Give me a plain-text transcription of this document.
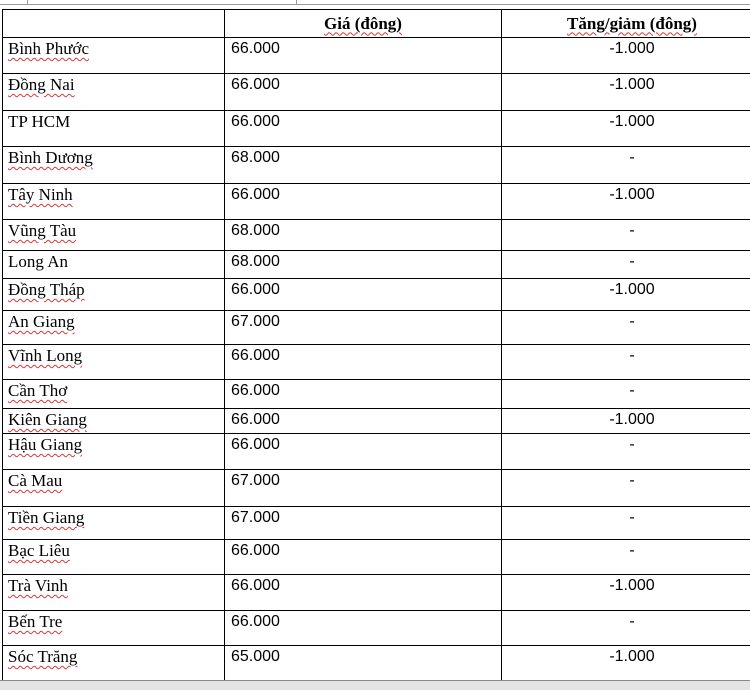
	Giá (đông)	Tăng/giảm (đông)
Bình Phước	66.000	-1.000
Đồng Nai	66.000	-1.000
TP HCM	66.000	-1.000
Bình Dương	68.000	-
Tây Ninh	66.000	-1.000
Vũng Tàu	68.000	-
Long An	68.000	-
Đồng Tháp	66.000	-1.000
An Giang	67.000	-
Vĩnh Long	66.000	-
Cần Thơ	66.000	-
Kiên Giang	66.000	-1.000
Hậu Giang	66.000	-
Cà Mau	67.000	-
Tiền Giang	67.000	-
Bạc Liêu	66.000	-
Trà Vinh	66.000	-1.000
Bến Tre	66.000	-
Sóc Trăng	65.000	-1.000
